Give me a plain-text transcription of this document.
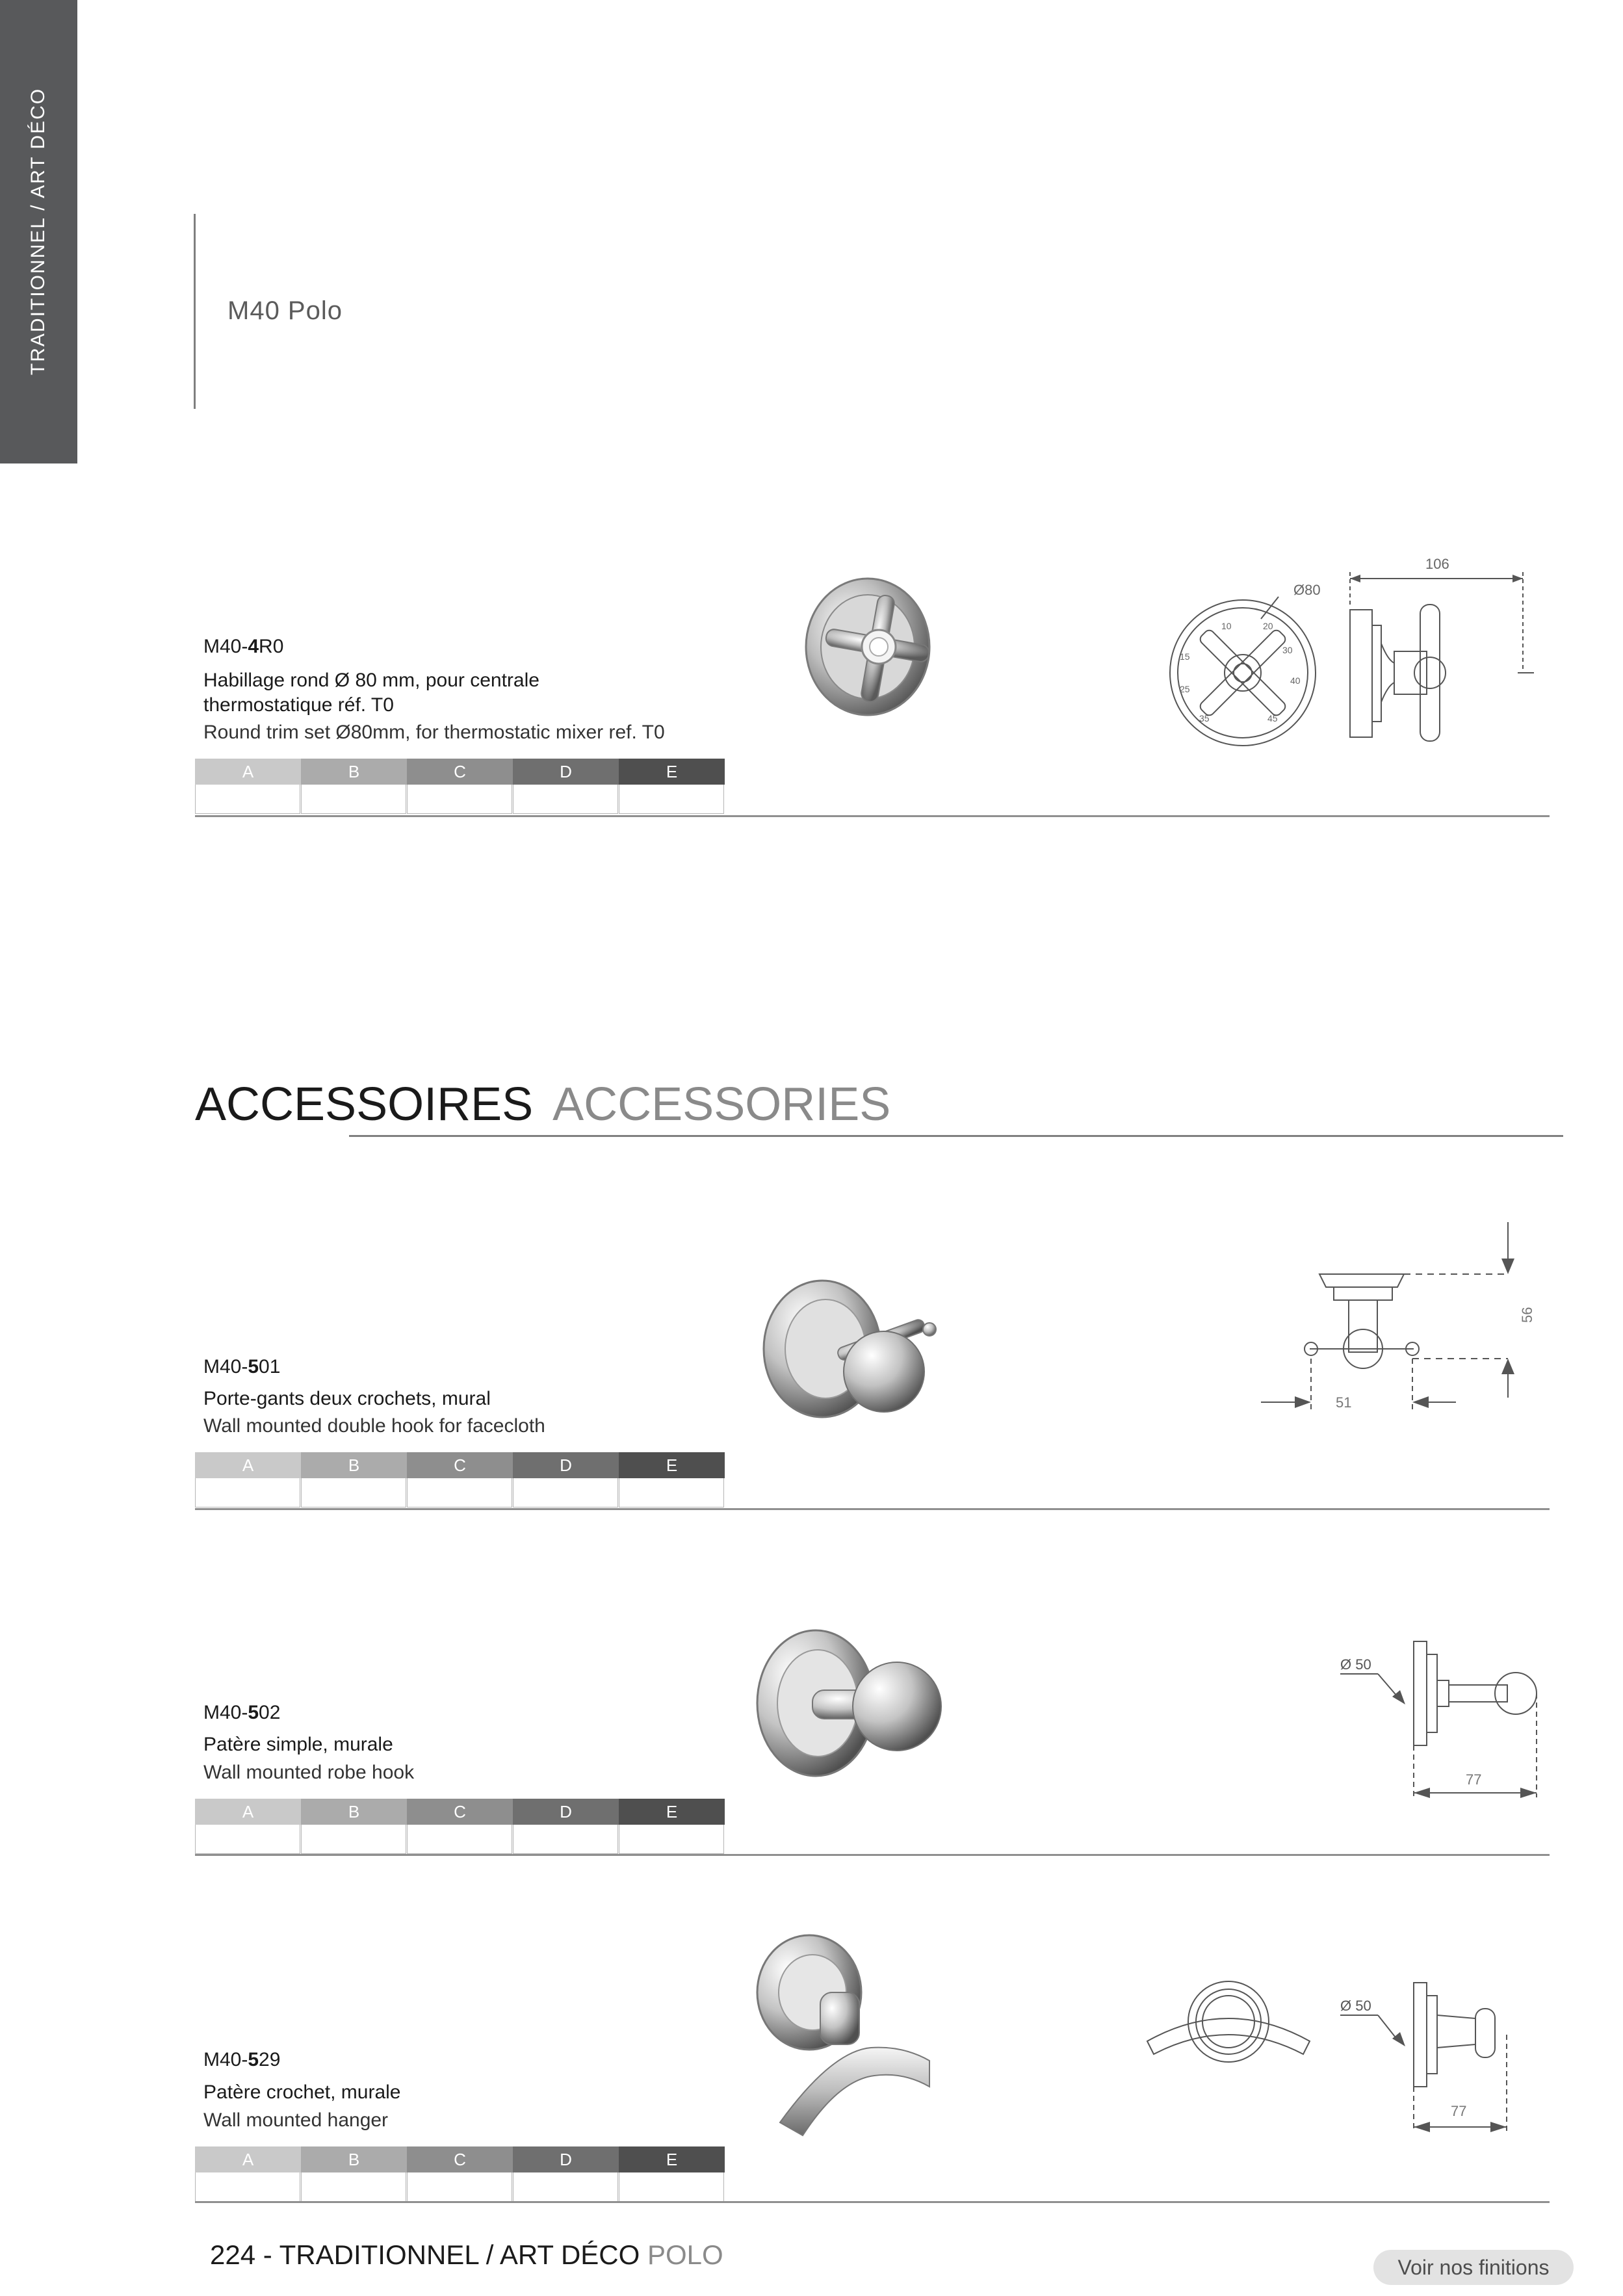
TRADITIONNEL / ART DÉCO	M40 Polo
M40-4R0
Habillage rond Ø 80 mm, pour centrale thermostatique réf. T0
Round trim set Ø80mm, for thermostatic mixer ref. T0
A	B	C	D	E
Ø80
106
10	20
30
40
15
25
35	45
ACCESSOIRES ACCESSORIES
M40-501
Porte-gants deux crochets, mural
Wall mounted double hook for facecloth
A	B	C	D	E
56
51
M40-502
Patère simple, murale
Wall mounted robe hook
A	B	C	D	E
Ø 50
77
M40-529
Patère crochet, murale
Wall mounted hanger
A	B	C	D	E
Ø 50
77
224 - TRADITIONNEL / ART DÉCO POLO	Voir nos finitions
